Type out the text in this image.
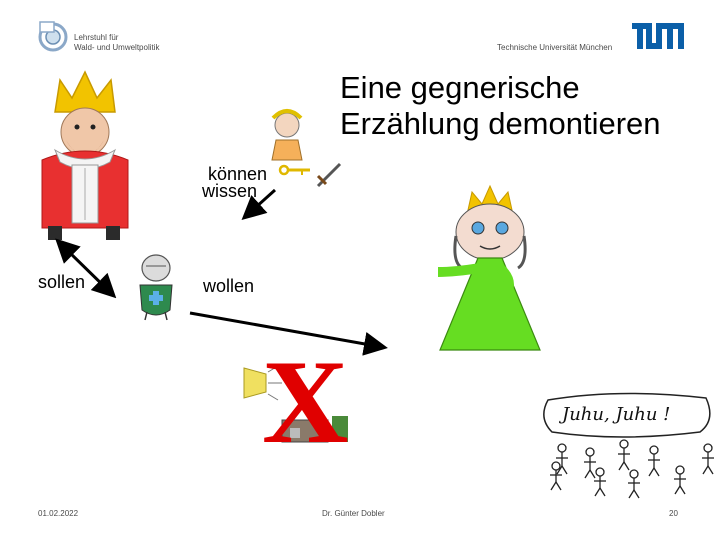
Lehrstuhl für
Wald- und Umweltpolitik	Technische Universität München
Eine gegnerische
Erzählung demontieren
können
wissen
sollen	wollen
X	Juhu, Juhu !
01.02.2022	Dr. Günter Dobler	20
